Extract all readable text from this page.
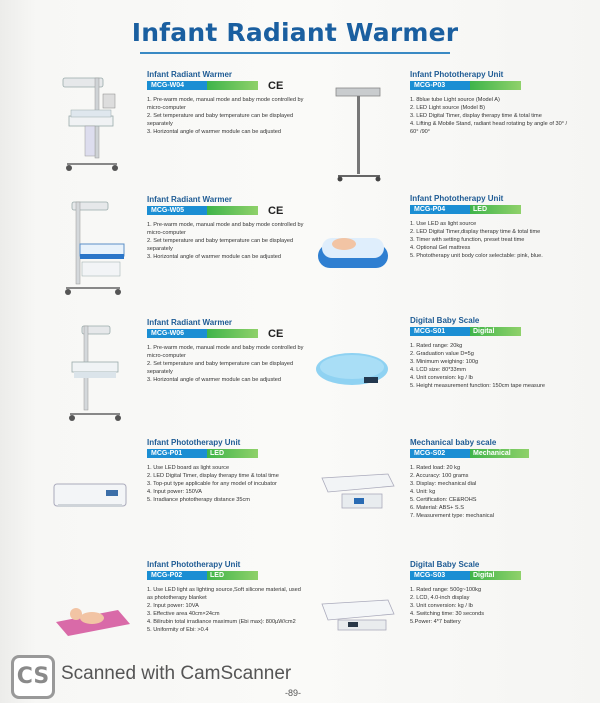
Infant Radiant Warmer
Infant Radiant Warmer
MCG-W04	CE
1. Pre-warm mode, manual mode and baby mode controlled by micro-computer
2. Set temperature and baby temperature can be displayed separately
3. Horizontal angle of warmer module can be adjusted
Infant Radiant Warmer
MCG-W05	CE
1. Pre-warm mode, manual mode and baby mode controlled by micro-computer
2. Set temperature and baby temperature can be displayed separately
3. Horizontal angle of warmer module can be adjusted
Infant Radiant Warmer
MCG-W06	CE
1. Pre-warm mode, manual mode and baby mode controlled by micro-computer
2. Set temperature and baby temperature can be displayed separately
3. Horizontal angle of warmer module can be adjusted
Infant Phototherapy Unit
MCG-P01	LED
1. Use LED board as light source
2. LED Digital Timer, display therapy time & total time
3. Top-put type applicable for any model of incubator
4. Input power: 150VA
5. Irradiance phototherapy distance 35cm
Infant Phototherapy Unit
MCG-P02	LED
1. Use LED light as lighting source,Soft silicone material, used as phototherapy blanket
2. Input power: 10VA
3. Effective area 40cm×24cm
4. Bilirubin total irradiance maximum (Ebi max): 800µW/cm2
5. Uniformity of Ebi: >0.4
Infant Phototherapy Unit
MCG-P03
1. 8blue tube Light source (Model A)
2. LED Light source (Model B)
3. LED Digital Timer, display therapy time & total time
4. Lifting & Mobile Stand, radiant head rotating by angle of 30° / 60° /90°
Infant Phototherapy Unit
MCG-P04	LED
1. Use LED as light source
2. LED Digital Timer,display therapy time & total time
3. Timer with setting function, preset treat time
4. Optional Gel mattress
5. Phototherapy unit body color selectable: pink, blue.
Digital Baby Scale
MCG-S01	Digital
1. Rated range: 20kg
2. Graduation value D=5g
3. Minimum weighing: 100g
4. LCD size: 80*33mm
4. Unit conversion: kg / lb
5. Height measurement function: 150cm tape measure
Mechanical baby scale
MCG-S02	Mechanical
1. Rated load: 20 kg
2. Accuracy: 100 grams
3. Display: mechanical dial
4. Unit: kg
5. Certification: CE&ROHS
6. Material: ABS+ S.S
7. Measurement type: mechanical
Digital Baby Scale
MCG-S03	Digital
1. Rated range: 500g~100kg
2. LCD, 4.0-inch display
3. Unit conversion: kg / lb
4. Switching time: 30 seconds
5.Power: 4*7 battery
CS Scanned with CamScanner
-89-
